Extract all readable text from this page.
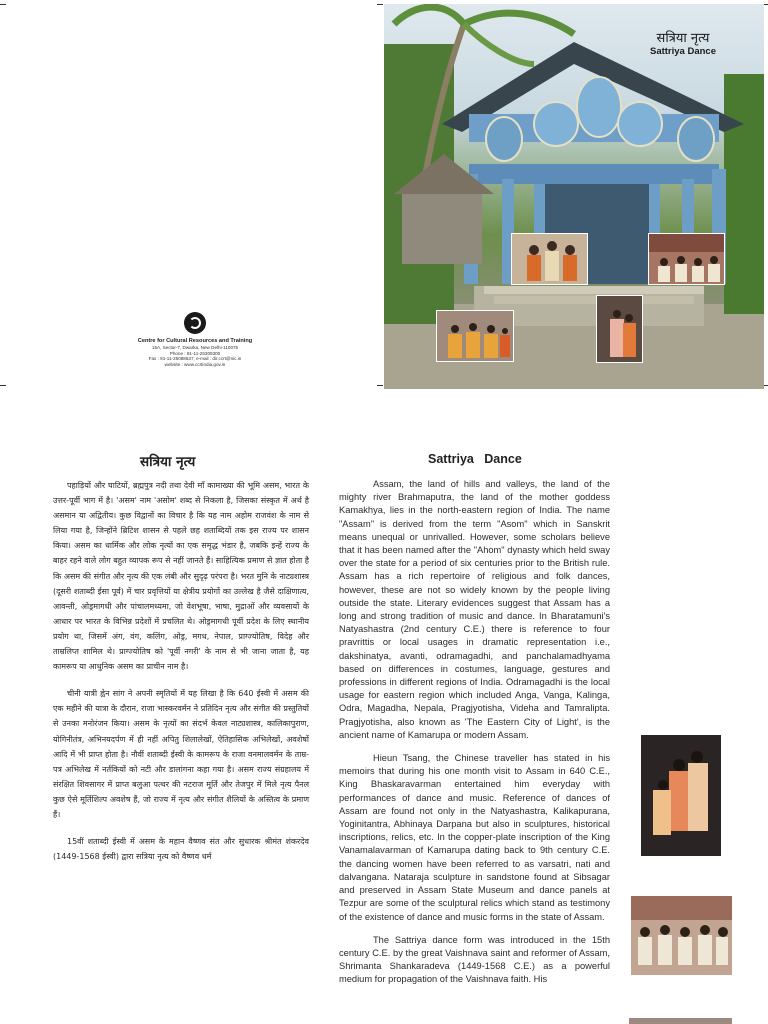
Centre for Cultural Resources and Training
15A, Sector-7, Dwarka, New Delhi-110075
Phone : 91-11-25309300
Fax : 91-11-25088637, e-mail : dir.ccrt@nic.in
website : www.ccrtindia.gov.in
सत्रिया नृत्य
Sattriya Dance
सत्रिया नृत्य

पहाड़ियों और घाटियों, ब्रह्मपुत्र नदी तथा देवी माँ कामाख्या की भूमि असम, भारत के उत्तर-पूर्वी भाग में है। 'असम' नाम 'असोम' शब्द से निकला है, जिसका संस्कृत में अर्थ है असमान या अद्वितीय। कुछ विद्वानों का विचार है कि यह नाम अहोम राजवंश के नाम से लिया गया है, जिन्होंने ब्रिटिश शासन से पहले छह शताब्दियों तक इस राज्य पर शासन किया। असम का धार्मिक और लोक नृत्यों का एक समृद्ध भंडार है, जबकि इन्हें राज्य के बाहर रहने वाले लोग बहुत व्यापक रूप से नहीं जानते हैं। साहित्यिक प्रमाण से ज्ञात होता है कि असम की संगीत और नृत्य की एक लंबी और सुदृढ़ परंपरा है। भरत मुनि के नाट्यशास्त्र (दूसरी शताब्दी ईसा पूर्व) में चार प्रवृत्तियों या क्षेत्रीय प्रयोगों का उल्लेख है जैसे दाक्षिणात्य, आवन्ती, ओड्रमागधी और पांचालमध्यमा, जो वेशभूषा, भाषा, मुद्राओं और व्यवसायों के आधार पर भारत के विभिन्न प्रदेशों में प्रचलित थे। ओड्रमागधी पूर्वी प्रदेश के लिए स्थानीय प्रयोग था, जिसमें अंग, वंग, कलिंग, ओड्र, मगध, नेपाल, प्राग्ज्योतिष, विदेह और ताम्रलिप्त शामिल थे। प्राग्ज्योतिष को 'पूर्वी नगरी' के नाम से भी जाना जाता है, यह कामरूप या आधुनिक असम का प्राचीन नाम है।

चीनी यात्री ह्वेन सांग ने अपनी स्मृतियों में यह लिखा है कि 640 ईस्वी में असम की एक महीने की यात्रा के दौरान, राजा भास्करवर्मन ने प्रतिदिन नृत्य और संगीत की प्रस्तुतियों से उनका मनोरंजन किया। असम के नृत्यों का संदर्भ केवल नाट्यशास्त्र, कालिकापुराण, योगिनीतंत्र, अभिनयदर्पण में ही नहीं अपितु शिलालेखों, ऐतिहासिक अभिलेखों, अवशेषों आदि में भी प्राप्त होता है। नौवीं शताब्दी ईस्वी के कामरूप के राजा वनमालवर्मन के ताम्र-पत्र अभिलेख में नर्तकियों को नटी और डालांगना कहा गया है। असम राज्य संग्रहालय में संरक्षित शिवसागर में प्राप्त बलुआ पत्थर की नटराज मूर्ति और तेजपुर में मिले नृत्य पैनल कुछ ऐसे मूर्तिशिल्प अवशेष हैं, जो राज्य में नृत्य और संगीत शैलियों के अस्तित्व के प्रमाण हैं।

15वीं शताब्दी ईस्वी में असम के महान वैष्णव संत और सुधारक श्रीमंत शंकरदेव (1449-1568 ईस्वी) द्वारा सत्रिया नृत्य को वैष्णव धर्म

Sattriya   Dance

Assam, the land of hills and valleys, the land of the mighty river Brahmaputra, the land of the mother goddess Kamakhya, lies in the north-eastern region of India. The name "Assam" is derived from the term "Asom" which in Sanskrit means unequal or unrivalled. However, some scholars believe that it has been named after the "Ahom" dynasty which held sway over the state for a period of six centuries prior to the British rule. Assam has a rich repertoire of religious and folk dances, however, these are not so widely known by the people living outside the state. Literary evidences suggest that Assam has a long and strong tradition of music and dance. In Bharatamuni's Natyashastra (2nd century C.E.) there is reference to four pravrittis or local usages in dramatic representation i.e., dakshinatya, avanti, odramagadhi, and panchalamadhyama based on differences in costumes, language, gestures and professions in different regions of India. Odramagadhi is the local usage for eastern region which included Anga, Vanga, Kalinga, Odra, Magadha, Nepala, Pragjyotisha, Videha and Tamralipta. Pragjyotisha, also known as 'The Eastern City of Light', is the ancient name of Kamarupa or modern Assam.

Hieun Tsang, the Chinese traveller has stated in his memoirs that during his one month visit to Assam in 640 C.E., King Bhaskaravarman entertained him everyday with performances of dance and music. Reference of dances of Assam are found not only in the Natyashastra, Kalikapurana, Yoginitantra, Abhinaya Darpana but also in sculptures, historical inscriptions, relics, etc. In the copper-plate inscription of the King Vanamalavarman of Kamarupa dating back to 9th century C.E. the dancing women have been referred to as varsatri, nati and dalvangana. Nataraja sculpture in sandstone found at Sibsagar and preserved in Assam State Museum and dance panels at Tezpur are some of the sculptural relics which stand as testimony of the existence of dance and music forms in the state of Assam.

The Sattriya dance form was introduced in the 15th century C.E. by the great Vaishnava saint and reformer of Assam, Shrimanta Shankaradeva (1449-1568 C.E.) as a powerful medium for propagation of the Vaishnava faith. His
